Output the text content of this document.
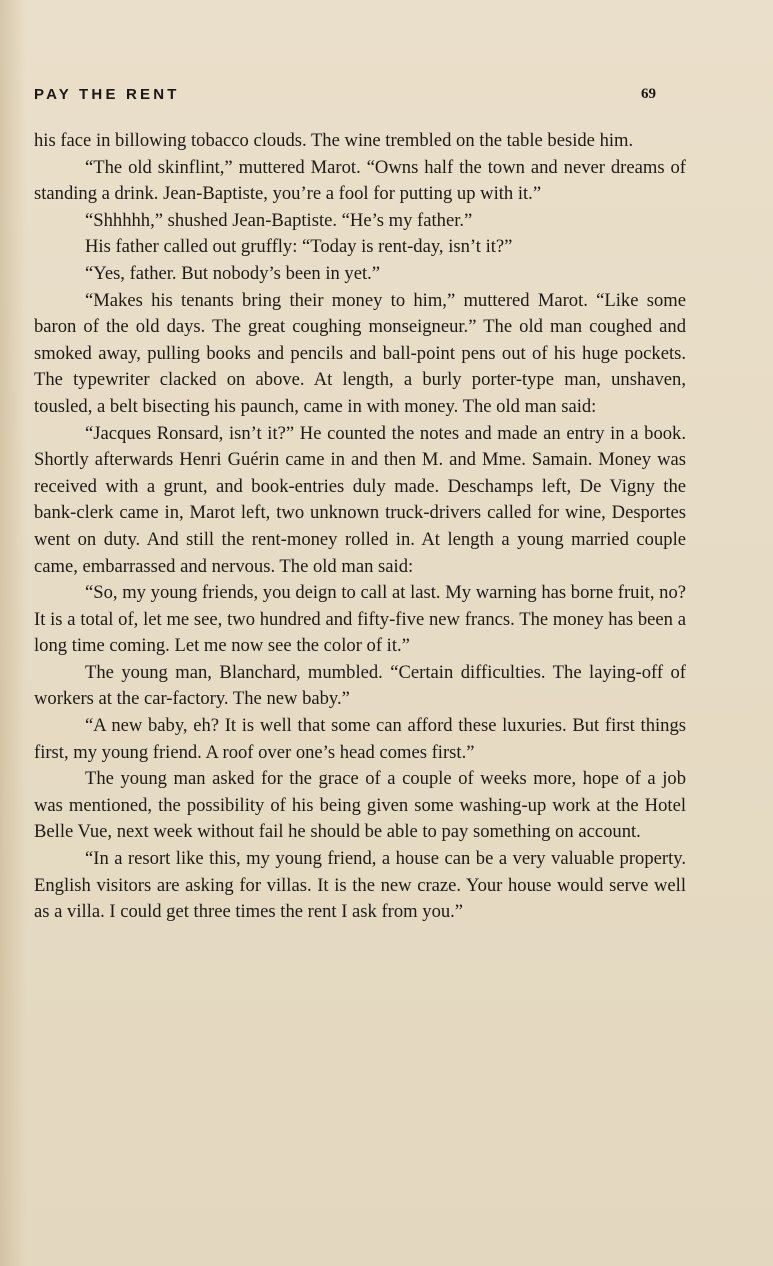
PAY THE RENT	69

his face in billowing tobacco clouds. The wine trembled on the table beside him.

“The old skinflint,” muttered Marot. “Owns half the town and never dreams of standing a drink. Jean-Baptiste, you’re a fool for putting up with it.”

“Shhhhh,” shushed Jean-Baptiste. “He’s my father.”

His father called out gruffly: “Today is rent-day, isn’t it?”

“Yes, father. But nobody’s been in yet.”

“Makes his tenants bring their money to him,” muttered Marot. “Like some baron of the old days. The great coughing monseigneur.” The old man coughed and smoked away, pulling books and pencils and ball-point pens out of his huge pockets. The typewriter clacked on above. At length, a burly porter-type man, unshaven, tousled, a belt bisecting his paunch, came in with money. The old man said:

“Jacques Ronsard, isn’t it?” He counted the notes and made an entry in a book. Shortly afterwards Henri Guérin came in and then M. and Mme. Samain. Money was received with a grunt, and book-entries duly made. Deschamps left, De Vigny the bank-clerk came in, Marot left, two unknown truck-drivers called for wine, Desportes went on duty. And still the rent-money rolled in. At length a young married couple came, embarrassed and nervous. The old man said:

“So, my young friends, you deign to call at last. My warning has borne fruit, no? It is a total of, let me see, two hundred and fifty-five new francs. The money has been a long time coming. Let me now see the color of it.”

The young man, Blanchard, mumbled. “Certain difficulties. The laying-off of workers at the car-factory. The new baby.”

“A new baby, eh? It is well that some can afford these luxuries. But first things first, my young friend. A roof over one’s head comes first.”

The young man asked for the grace of a couple of weeks more, hope of a job was mentioned, the possibility of his being given some washing-up work at the Hotel Belle Vue, next week without fail he should be able to pay something on account.

“In a resort like this, my young friend, a house can be a very valuable property. English visitors are asking for villas. It is the new craze. Your house would serve well as a villa. I could get three times the rent I ask from you.”
